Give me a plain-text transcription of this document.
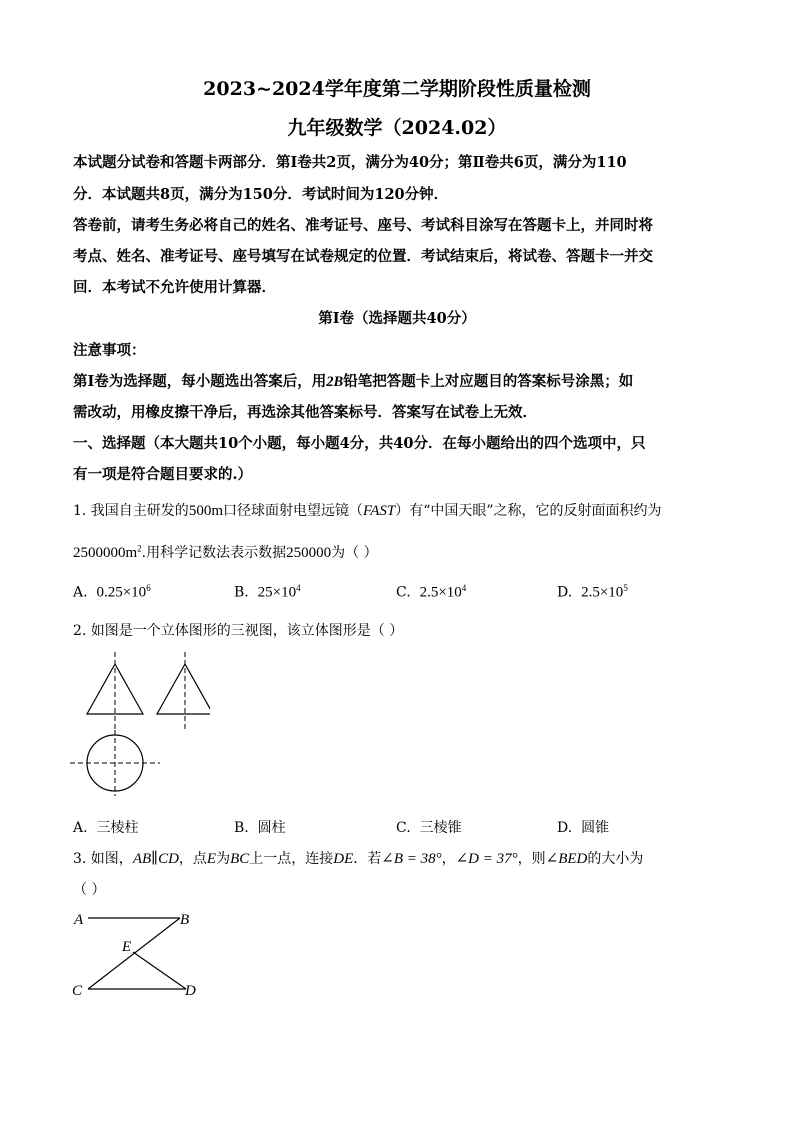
2023~2024学年度第二学期阶段性质量检测
九年级数学（2024.02）
本试题分试卷和答题卡两部分．第Ⅰ卷共2页，满分为40分；第Ⅱ卷共6页，满分为110
分．本试题共8页，满分为150分．考试时间为120分钟．
答卷前，请考生务必将自己的姓名、准考证号、座号、考试科目涂写在答题卡上，并同时将
考点、姓名、准考证号、座号填写在试卷规定的位置．考试结束后，将试卷、答题卡一并交
回．本考试不允许使用计算器．
第Ⅰ卷（选择题共40分）
注意事项：
第Ⅰ卷为选择题，每小题选出答案后，用2B铅笔把答题卡上对应题目的答案标号涂黑；如
需改动，用橡皮擦干净后，再选涂其他答案标号．答案写在试卷上无效．
一、选择题（本大题共10个小题，每小题4分，共40分．在每小题给出的四个选项中，只
有一项是符合题目要求的.）
1. 我国自主研发的500m口径球面射电望远镜（FAST）有“中国天眼”之称，它的反射面面积约为
$2500000m^2$.用科学记数法表示数据250000为（ ）
A. $0.25\times 10^6$	B. $25\times 10^4$	C. $2.5\times 10^4$	D. $2.5\times 10^5$
2. 如图是一个立体图形的三视图，该立体图形是（ ）
A. 三棱柱	B. 圆柱	C. 三棱锥	D. 圆锥
3. 如图，AB∥CD，点E为BC上一点，连接DE．若∠B = 38°，∠D = 37°，则∠BED的大小为
（ ）
A	B
E
C	D
